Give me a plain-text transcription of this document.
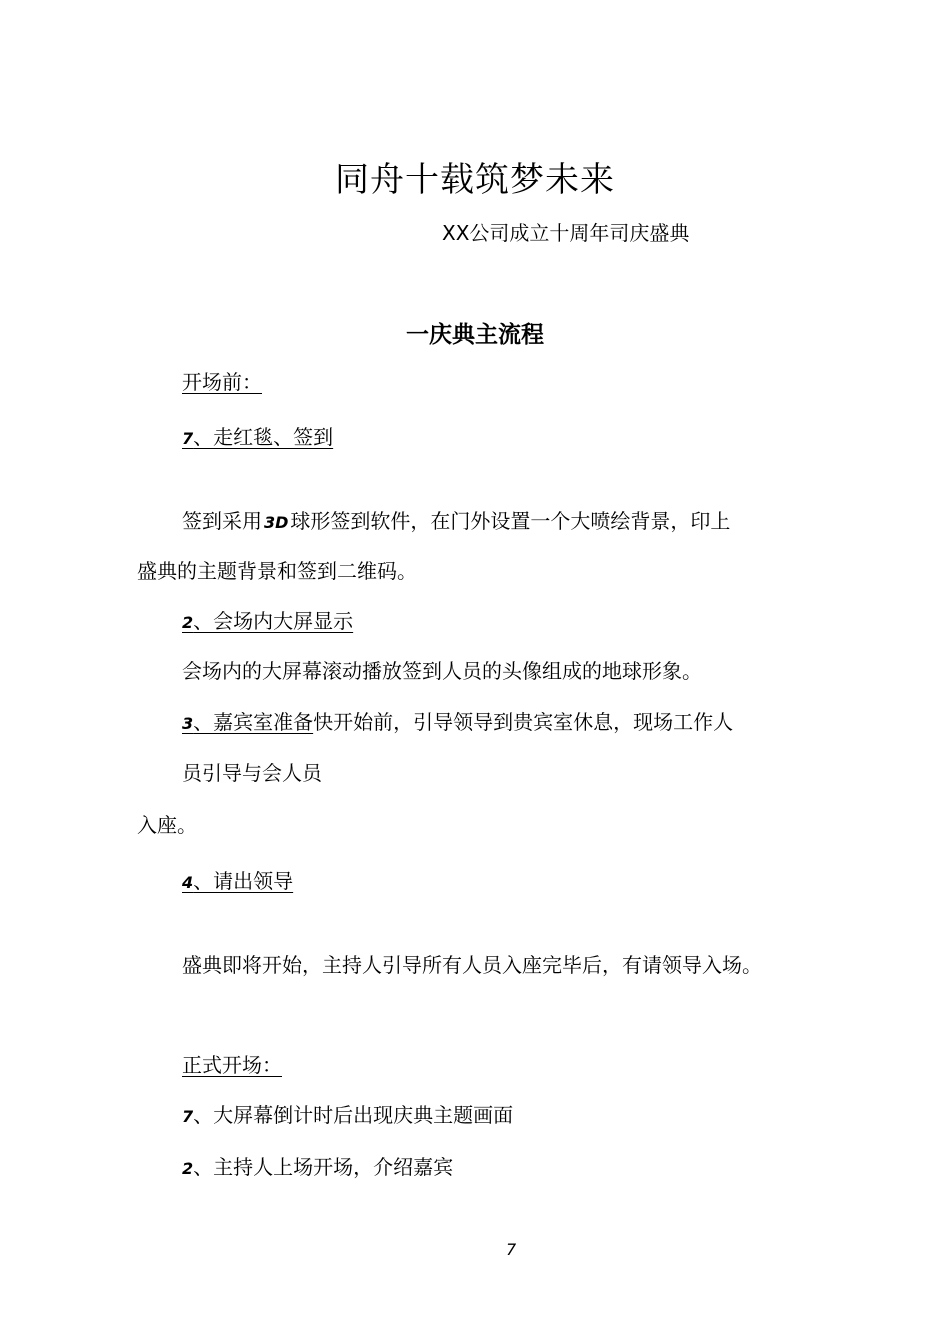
同舟十载筑梦未来
XX公司成立十周年司庆盛典
一庆典主流程
开场前：
7、走红毯、签到
签到采用 3D 球形签到软件，在门外设置一个大喷绘背景，印上
盛典的主题背景和签到二维码。
2、会场内大屏显示
会场内的大屏幕滚动播放签到人员的头像组成的地球形象。
3、嘉宾室准备快开始前，引导领导到贵宾室休息，现场工作人
员引导与会人员
入座。
4、请出领导
盛典即将开始，主持人引导所有人员入座完毕后，有请领导入场。
正式开场：
7、大屏幕倒计时后出现庆典主题画面
2、主持人上场开场，介绍嘉宾
7
